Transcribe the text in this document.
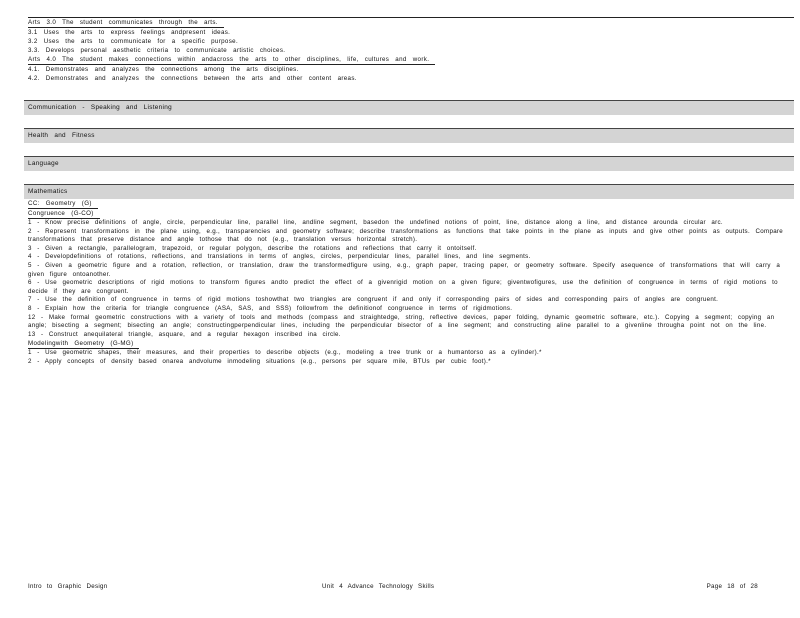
Arts 3.0 The student communicates through the arts.
3.1 Uses the arts to express feelings andpresent ideas.
3.2 Uses the arts to communicate for a specific purpose.
3.3. Develops personal aesthetic criteria to communicate artistic choices.
Arts 4.0 The student makes connections within andacross the arts to other disciplines, life, cultures and work.
4.1. Demonstrates and analyzes the connections among the arts disciplines.
4.2. Demonstrates and analyzes the connections between the arts and other content areas.
Communication - Speaking and Listening
Health and Fitness
Language
Mathematics
CC: Geometry (G)
Congruence (G-CO)
1 - Know precise definitions of angle, circle, perpendicular line, parallel line, andline segment, basedon the undefined notions of point, line, distance along a line, and distance arounda circular arc.
2 - Represent transformations in the plane using, e.g., transparencies and geometry software; describe transformations as functions that take points in the plane as inputs and give other points as outputs. Compare transformations that preserve distance and angle tothose that do not (e.g., translation versus horizontal stretch).
3 - Given a rectangle, parallelogram, trapezoid, or regular polygon, describe the rotations and reflections that carry it ontoitself.
4 - Developdefinitions of rotations, reflections, and translations in terms of angles, circles, perpendicular lines, parallel lines, and line segments.
5 - Given a geometric figure and a rotation, reflection, or translation, draw the transformedfigure using, e.g., graph paper, tracing paper, or geometry software. Specify asequence of transformations that will carry a given figure ontoanother.
6 - Use geometric descriptions of rigid motions to transform figures andto predict the effect of a givenrigid motion on a given figure; giventwofigures, use the definition of congruence in terms of rigid motions to decide if they are congruent.
7 - Use the definition of congruence in terms of rigid motions toshowthat two triangles are congruent if and only if corresponding pairs of sides and corresponding pairs of angles are congruent.
8 - Explain how the criteria for triangle congruence (ASA, SAS, and SSS) followfrom the definitionof congruence in terms of rigidmotions.
12 - Make formal geometric constructions with a variety of tools and methods (compass and straightedge, string, reflective devices, paper folding, dynamic geometric software, etc.). Copying a segment; copying an angle; bisecting a segment; bisecting an angle; constructingperpendicular lines, including the perpendicular bisector of a line segment; and constructing aline parallel to a givenline througha point not on the line.
13 - Construct anequilateral triangle, asquare, and a regular hexagon inscribed ina circle.
Modelingwith Geometry (G-MG)
1 - Use geometric shapes, their measures, and their properties to describe objects (e.g., modeling a tree trunk or a humantorso as a cylinder).*
2 - Apply concepts of density based onarea andvolume inmodeling situations (e.g., persons per square mile, BTUs per cubic foot).*
Intro to Graphic Design	Unit 4 Advance Technology Skills	Page 18 of 28
